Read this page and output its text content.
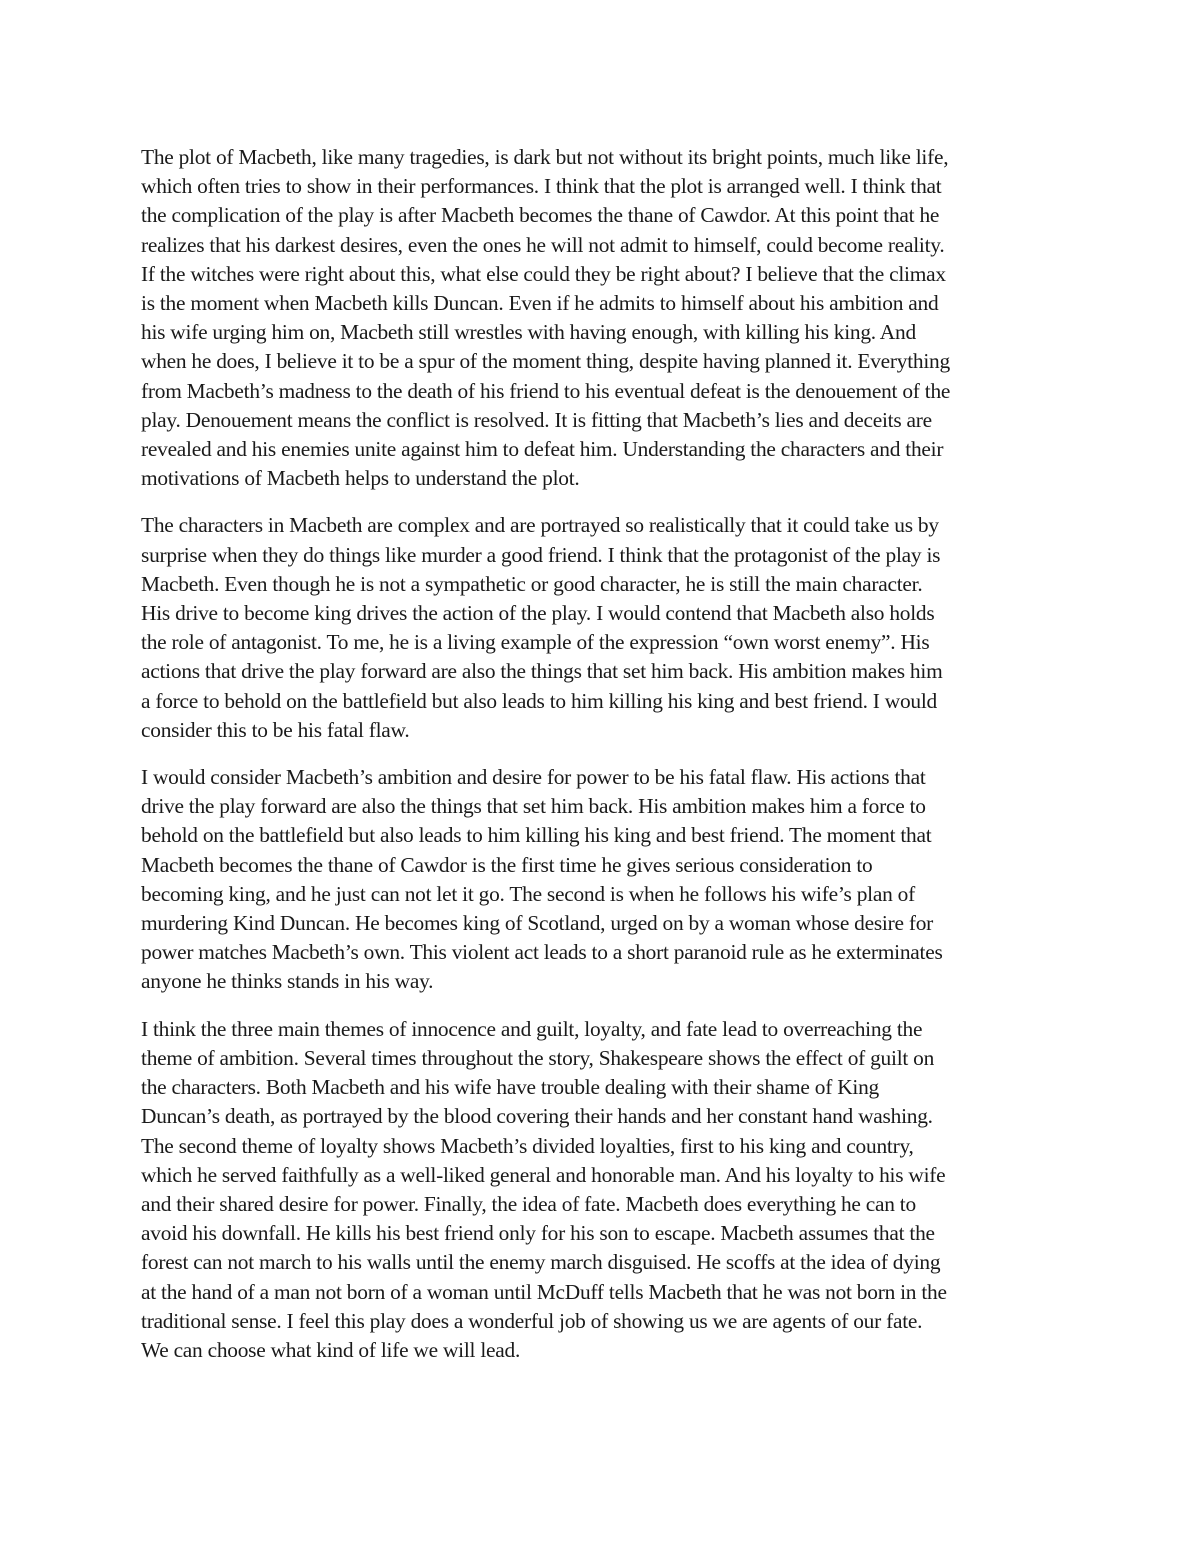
The plot of Macbeth, like many tragedies, is dark but not without its bright points, much like life,
which often tries to show in their performances. I think that the plot is arranged well. I think that
the complication of the play is after Macbeth becomes the thane of Cawdor. At this point that he
realizes that his darkest desires, even the ones he will not admit to himself, could become reality.
If the witches were right about this, what else could they be right about? I believe that the climax
is the moment when Macbeth kills Duncan. Even if he admits to himself about his ambition and
his wife urging him on, Macbeth still wrestles with having enough, with killing his king. And
when he does, I believe it to be a spur of the moment thing, despite having planned it. Everything
from Macbeth’s madness to the death of his friend to his eventual defeat is the denouement of the
play. Denouement means the conflict is resolved. It is fitting that Macbeth’s lies and deceits are
revealed and his enemies unite against him to defeat him. Understanding the characters and their
motivations of Macbeth helps to understand the plot.

The characters in Macbeth are complex and are portrayed so realistically that it could take us by
surprise when they do things like murder a good friend. I think that the protagonist of the play is
Macbeth. Even though he is not a sympathetic or good character, he is still the main character.
His drive to become king drives the action of the play. I would contend that Macbeth also holds
the role of antagonist. To me, he is a living example of the expression “own worst enemy”. His
actions that drive the play forward are also the things that set him back. His ambition makes him
a force to behold on the battlefield but also leads to him killing his king and best friend. I would
consider this to be his fatal flaw.

I would consider Macbeth’s ambition and desire for power to be his fatal flaw. His actions that
drive the play forward are also the things that set him back. His ambition makes him a force to
behold on the battlefield but also leads to him killing his king and best friend. The moment that
Macbeth becomes the thane of Cawdor is the first time he gives serious consideration to
becoming king, and he just can not let it go. The second is when he follows his wife’s plan of
murdering Kind Duncan. He becomes king of Scotland, urged on by a woman whose desire for
power matches Macbeth’s own. This violent act leads to a short paranoid rule as he exterminates
anyone he thinks stands in his way.

I think the three main themes of innocence and guilt, loyalty, and fate lead to overreaching the
theme of ambition. Several times throughout the story, Shakespeare shows the effect of guilt on
the characters. Both Macbeth and his wife have trouble dealing with their shame of King
Duncan’s death, as portrayed by the blood covering their hands and her constant hand washing.
The second theme of loyalty shows Macbeth’s divided loyalties, first to his king and country,
which he served faithfully as a well-liked general and honorable man. And his loyalty to his wife
and their shared desire for power. Finally, the idea of fate. Macbeth does everything he can to
avoid his downfall. He kills his best friend only for his son to escape. Macbeth assumes that the
forest can not march to his walls until the enemy march disguised. He scoffs at the idea of dying
at the hand of a man not born of a woman until McDuff tells Macbeth that he was not born in the
traditional sense. I feel this play does a wonderful job of showing us we are agents of our fate.
We can choose what kind of life we will lead.
